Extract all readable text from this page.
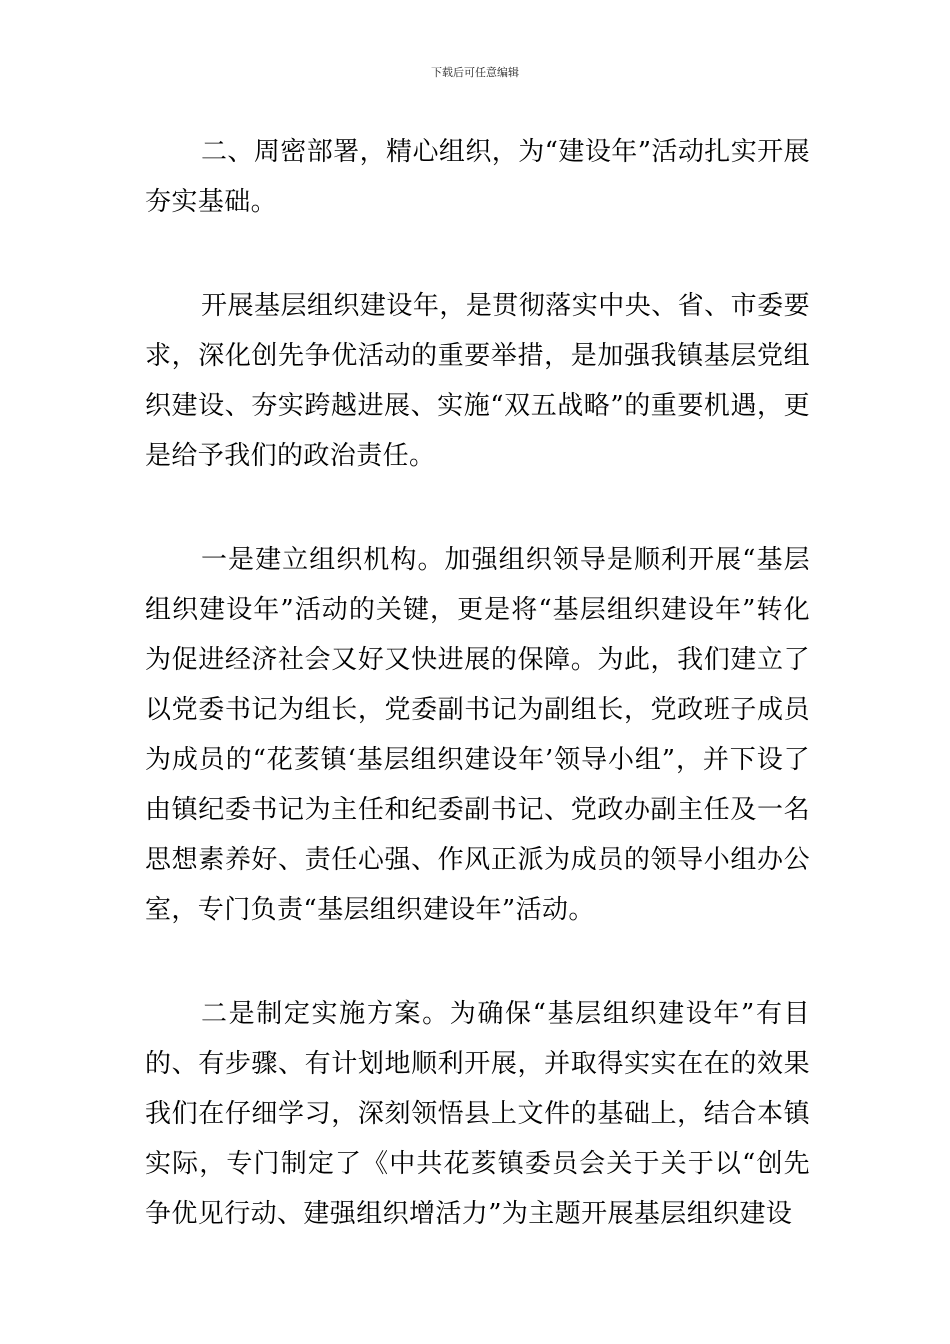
下载后可任意编辑

二、周密部署，精心组织，为“建设年”活动扎实开展夯实基础。

开展基层组织建设年，是贯彻落实中央、省、市委要求，深化创先争优活动的重要举措，是加强我镇基层党组织建设、夯实跨越进展、实施“双五战略”的重要机遇，更是给予我们的政治责任。

一是建立组织机构。加强组织领导是顺利开展“基层组织建设年”活动的关键，更是将“基层组织建设年”转化为促进经济社会又好又快进展的保障。为此，我们建立了以党委书记为组长，党委副书记为副组长，党政班子成员为成员的“花荄镇‘基层组织建设年’领导小组”，并下设了由镇纪委书记为主任和纪委副书记、党政办副主任及一名思想素养好、责任心强、作风正派为成员的领导小组办公室，专门负责“基层组织建设年”活动。

二是制定实施方案。为确保“基层组织建设年”有目的、有步骤、有计划地顺利开展，并取得实实在在的效果我们在仔细学习，深刻领悟县上文件的基础上，结合本镇实际，专门制定了《中共花荄镇委员会关于关于以“创先争优见行动、建强组织增活力”为主题开展基层组织建设
